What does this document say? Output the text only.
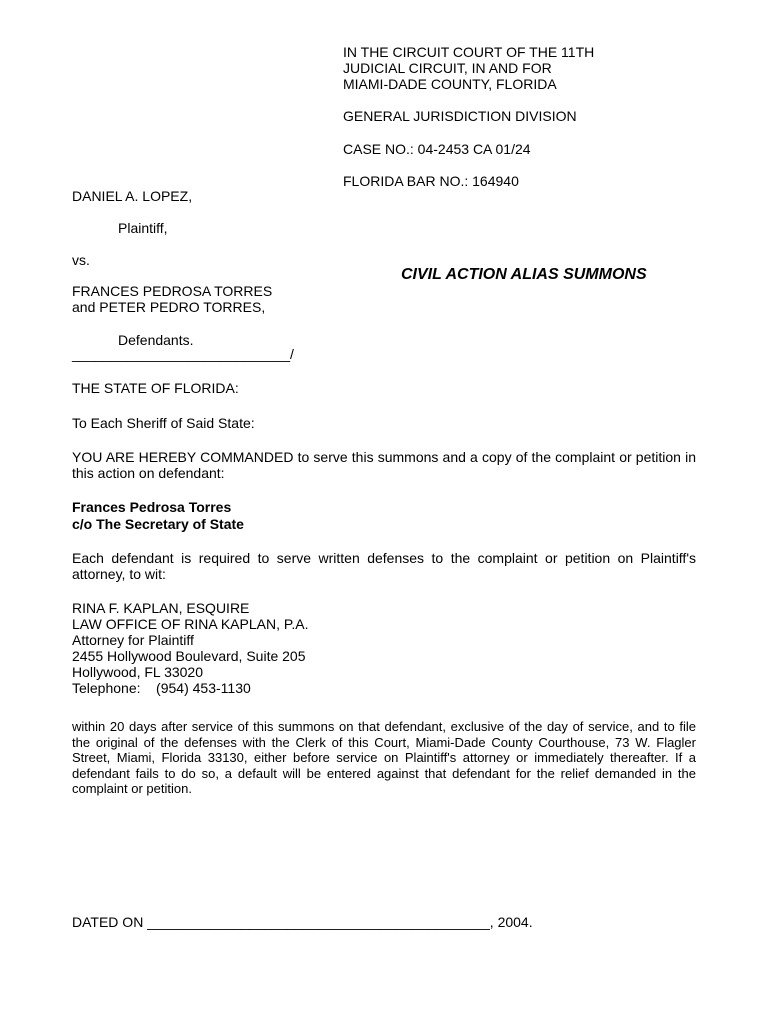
IN THE CIRCUIT COURT OF THE 11TH
JUDICIAL CIRCUIT, IN AND FOR
MIAMI-DADE COUNTY, FLORIDA
GENERAL JURISDICTION DIVISION
CASE NO.: 04-2453 CA 01/24
FLORIDA BAR NO.: 164940
DANIEL A. LOPEZ,
Plaintiff,
vs.
FRANCES PEDROSA TORRES
and PETER PEDRO TORRES,
Defendants.
____________________________/
CIVIL ACTION ALIAS SUMMONS
THE STATE OF FLORIDA:
To Each Sheriff of Said State:
YOU ARE HEREBY COMMANDED to serve this summons and a copy of the complaint or petition in this action on defendant:
Frances Pedrosa Torres
c/o The Secretary of State
Each defendant is required to serve written defenses to the complaint or petition on Plaintiff's attorney, to wit:
RINA F. KAPLAN, ESQUIRE
LAW OFFICE OF RINA KAPLAN, P.A.
Attorney for Plaintiff
2455 Hollywood Boulevard, Suite 205
Hollywood, FL 33020
Telephone:    (954) 453-1130
within 20 days after service of this summons on that defendant, exclusive of the day of service, and to file the original of the defenses with the Clerk of this Court, Miami-Dade County Courthouse, 73 W. Flagler Street, Miami, Florida 33130, either before service on Plaintiff's attorney or immediately thereafter. If a defendant fails to do so, a default will be entered against that defendant for the relief demanded in the complaint or petition.
DATED ON ____________________________________________, 2004.
